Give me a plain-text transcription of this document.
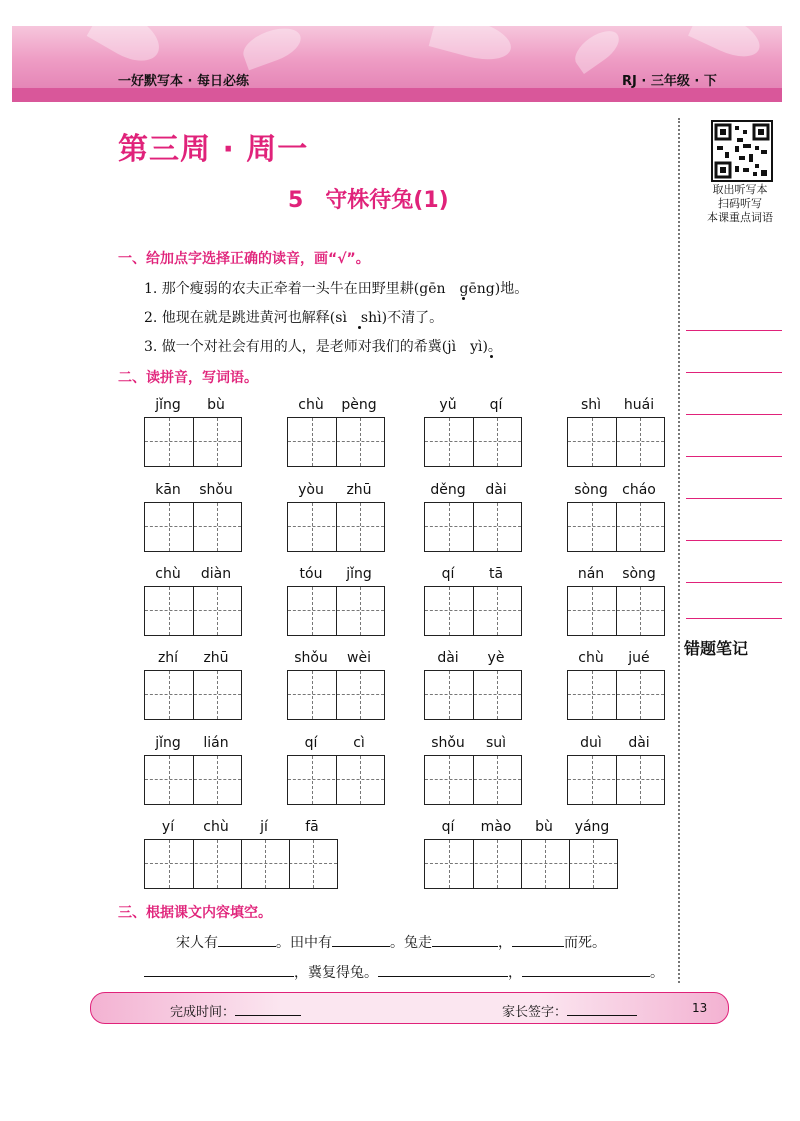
一好默写本 · 每日必练	RJ · 三年级 · 下
第三周 · 周一
5　守株待兔(1)	取出听写本
扫码听写
本课重点词语
错题笔记
一、给加点字选择正确的读音，画“√”。
1. 那个瘦弱的农夫正牵着一头牛在田野里耕(gēn　gēng)地。
2. 他现在就是跳进黄河也解释(sì　shì)不清了。
3. 做一个对社会有用的人，是老师对我们的希冀(jì　yì)。
二、读拼音，写词语。
jǐng	bù	chù	pèng	yǔ	qí	shì	huái
kān	shǒu	yòu	zhū	děng	dài	sòng	cháo
chù	diàn	tóu	jǐng	qí	tā	nán	sòng
zhí	zhū	shǒu	wèi	dài	yè	chù	jué
jǐng	lián	qí	cì	shǒu	suì	duì	dài
yí	chù	jí	fā	qí	mào	bù	yáng
三、根据课文内容填空。
宋人有	。田中有	。兔走	，	而死。
，冀复得兔。	，	。
完成时间：	家长签字：	13
